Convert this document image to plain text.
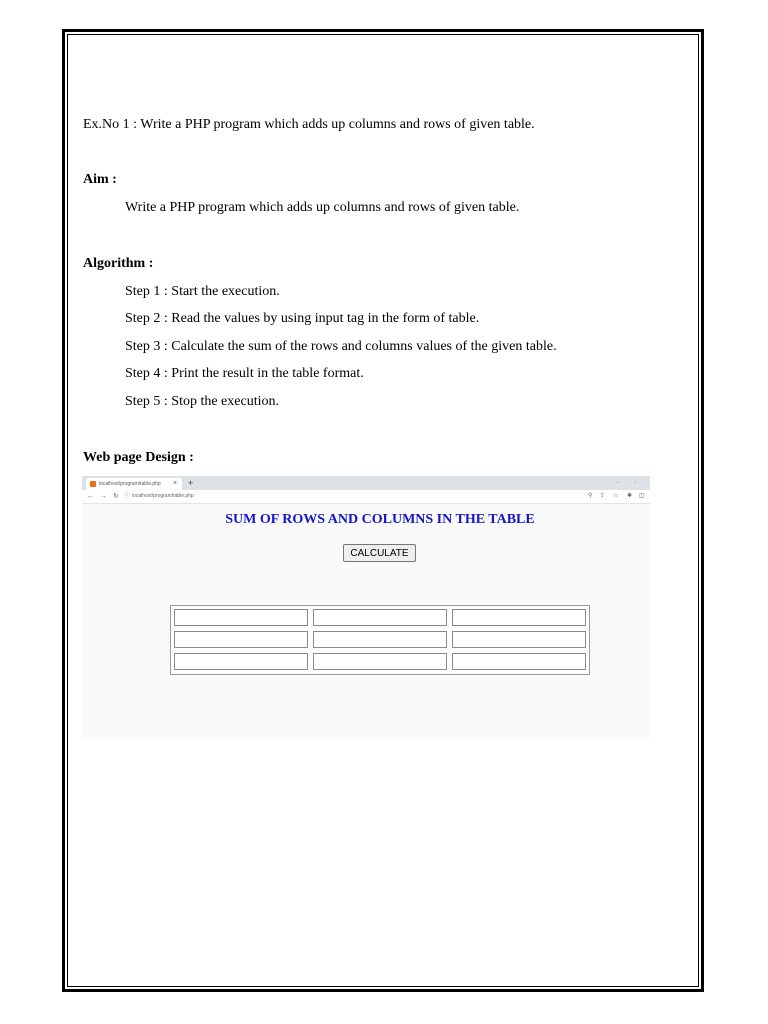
Ex.No 1 : Write a PHP program which adds up columns and rows of given table.
Aim :
Write a PHP program which adds up columns and rows of given table.
Algorithm :
Step 1 : Start the execution.
Step 2 : Read the values by using input tag in the form of table.
Step 3 : Calculate the sum of the rows and columns values of the given table.
Step 4 : Print the result in the table format.
Step 5 : Stop the execution.
Web page Design :
localhost/program/table.php × +	– ▫
← → ↻ ⓘ localhost/program/table.php	⚲ ⇪ ☆ ✱ ◫
SUM OF ROWS AND COLUMNS IN THE TABLE
CALCULATE
